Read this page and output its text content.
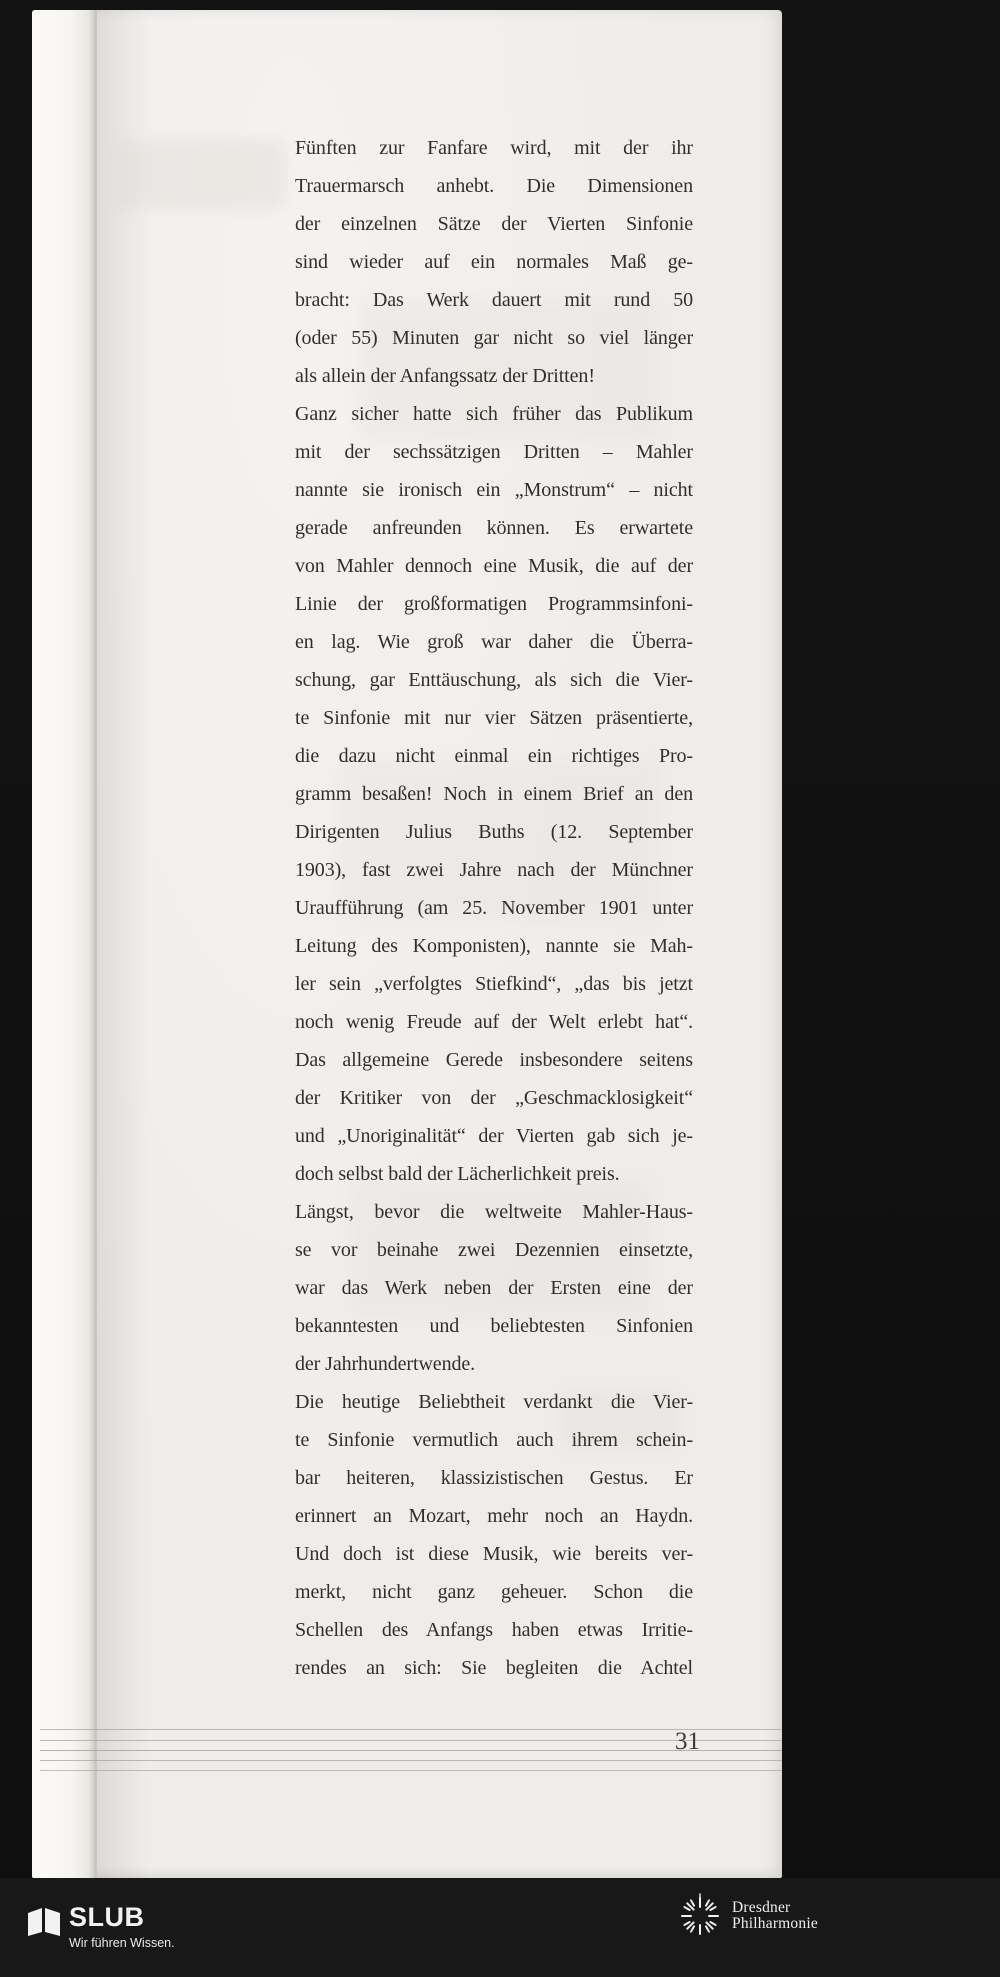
Fünften zur Fanfare wird, mit der ihr
Trauermarsch anhebt. Die Dimensionen
der einzelnen Sätze der Vierten Sinfonie
sind wieder auf ein normales Maß ge-
bracht: Das Werk dauert mit rund 50
(oder 55) Minuten gar nicht so viel länger
als allein der Anfangssatz der Dritten!
Ganz sicher hatte sich früher das Publikum
mit der sechssätzigen Dritten – Mahler
nannte sie ironisch ein „Monstrum“ – nicht
gerade anfreunden können. Es erwartete
von Mahler dennoch eine Musik, die auf der
Linie der großformatigen Programmsinfoni-
en lag. Wie groß war daher die Überra-
schung, gar Enttäuschung, als sich die Vier-
te Sinfonie mit nur vier Sätzen präsentierte,
die dazu nicht einmal ein richtiges Pro-
gramm besaßen! Noch in einem Brief an den
Dirigenten Julius Buths (12. September
1903), fast zwei Jahre nach der Münchner
Uraufführung (am 25. November 1901 unter
Leitung des Komponisten), nannte sie Mah-
ler sein „verfolgtes Stiefkind“, „das bis jetzt
noch wenig Freude auf der Welt erlebt hat“.
Das allgemeine Gerede insbesondere seitens
der Kritiker von der „Geschmacklosigkeit“
und „Unoriginalität“ der Vierten gab sich je-
doch selbst bald der Lächerlichkeit preis.
Längst, bevor die weltweite Mahler-Haus-
se vor beinahe zwei Dezennien einsetzte,
war das Werk neben der Ersten eine der
bekanntesten und beliebtesten Sinfonien
der Jahrhundertwende.
Die heutige Beliebtheit verdankt die Vier-
te Sinfonie vermutlich auch ihrem schein-
bar heiteren, klassizistischen Gestus. Er
erinnert an Mozart, mehr noch an Haydn.
Und doch ist diese Musik, wie bereits ver-
merkt, nicht ganz geheuer. Schon die
Schellen des Anfangs haben etwas Irritie-
rendes an sich: Sie begleiten die Achtel
31
SLUB
Wir führen Wissen.
Dresdner
Philharmonie
